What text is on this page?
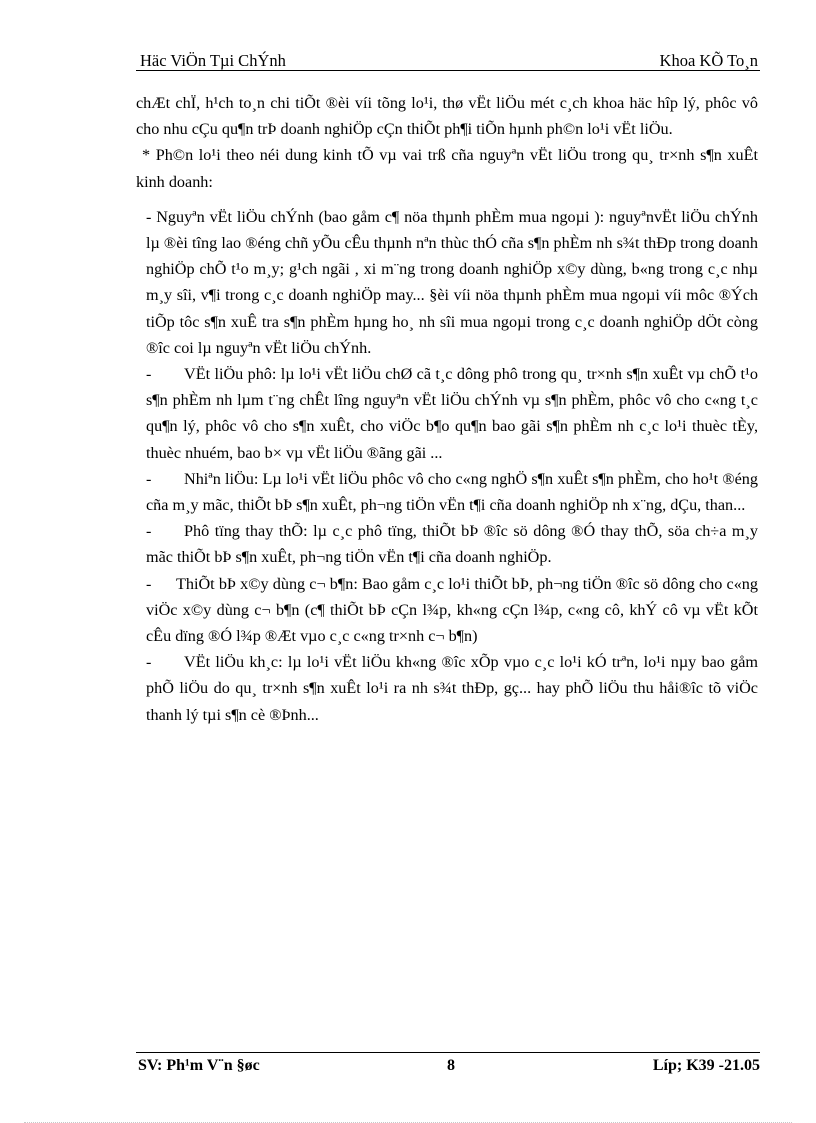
Häc ViÖn Tµi ChÝnh	Khoa KÕ To¸n

chÆt chÏ, h¹ch to¸n chi tiÕt ®èi víi tõng lo¹i, thø vËt liÖu mét c¸ch khoa häc hîp lý, phôc vô cho nhu cÇu qu¶n trÞ doanh nghiÖp cÇn thiÕt ph¶i tiÕn hµnh ph©n lo¹i vËt liÖu.

* Ph©n lo¹i theo néi dung kinh tÕ vµ vai trß cña nguyªn vËt liÖu trong qu¸ tr×nh s¶n xuÊt kinh doanh:

- Nguyªn vËt liÖu chÝnh (bao gåm c¶ nöa thµnh phÈm mua ngoµi ): nguyªnvËt liÖu chÝnh lµ ®èi tîng lao ®éng chñ yÕu cÊu thµnh nªn thùc thÓ cña s¶n phÈm nh s¾t thÐp trong doanh nghiÖp chÕ t¹o m¸y; g¹ch ngãi , xi m¨ng trong doanh nghiÖp x©y dùng, b«ng trong c¸c nhµ m¸y sîi, v¶i trong c¸c doanh nghiÖp may... §èi víi nöa thµnh phÈm mua ngoµi víi môc ®Ých tiÕp tôc s¶n xuÊ tra s¶n phÈm hµng ho¸ nh sîi mua ngoµi trong c¸c doanh nghiÖp dÖt còng ®îc coi lµ nguyªn vËt liÖu chÝnh.

- VËt liÖu phô: lµ lo¹i vËt liÖu chØ cã t¸c dông phô trong qu¸ tr×nh s¶n xuÊt vµ chÕ t¹o s¶n phÈm nh lµm t¨ng chÊt lîng nguyªn vËt liÖu chÝnh vµ s¶n phÈm, phôc vô cho c«ng t¸c qu¶n lý, phôc vô cho s¶n xuÊt, cho viÖc b¶o qu¶n bao gãi s¶n phÈm nh c¸c lo¹i thuèc tÈy, thuèc nhuém, bao b× vµ vËt liÖu ®ãng gãi ...

- Nhiªn liÖu: Lµ lo¹i vËt liÖu phôc vô cho c«ng nghÖ s¶n xuÊt s¶n phÈm, cho ho¹t ®éng cña m¸y mãc, thiÕt bÞ s¶n xuÊt, ph¬ng tiÖn vËn t¶i cña doanh nghiÖp nh x¨ng, dÇu, than...

- Phô tïng thay thÕ: lµ c¸c phô tïng, thiÕt bÞ ®îc sö dông ®Ó thay thÕ, söa ch÷a m¸y mãc thiÕt bÞ s¶n xuÊt, ph¬ng tiÖn vËn t¶i cña doanh nghiÖp.

- ThiÕt bÞ x©y dùng c¬ b¶n: Bao gåm c¸c lo¹i thiÕt bÞ, ph¬ng tiÖn ®îc sö dông cho c«ng viÖc x©y dùng c¬ b¶n (c¶ thiÕt bÞ cÇn l¾p, kh«ng cÇn l¾p, c«ng cô, khÝ cô vµ vËt kÕt cÊu dïng ®Ó l¾p ®Æt vµo c¸c c«ng tr×nh c¬ b¶n)

- VËt liÖu kh¸c: lµ lo¹i vËt liÖu kh«ng ®îc xÕp vµo c¸c lo¹i kÓ trªn, lo¹i nµy bao gåm phÕ liÖu do qu¸ tr×nh s¶n xuÊt lo¹i ra nh s¾t thÐp, gç... hay phÕ liÖu thu håi®îc tõ viÖc thanh lý tµi s¶n cè ®Þnh...

SV: Ph¹m V¨n §øc	8	Líp; K39 -21.05
